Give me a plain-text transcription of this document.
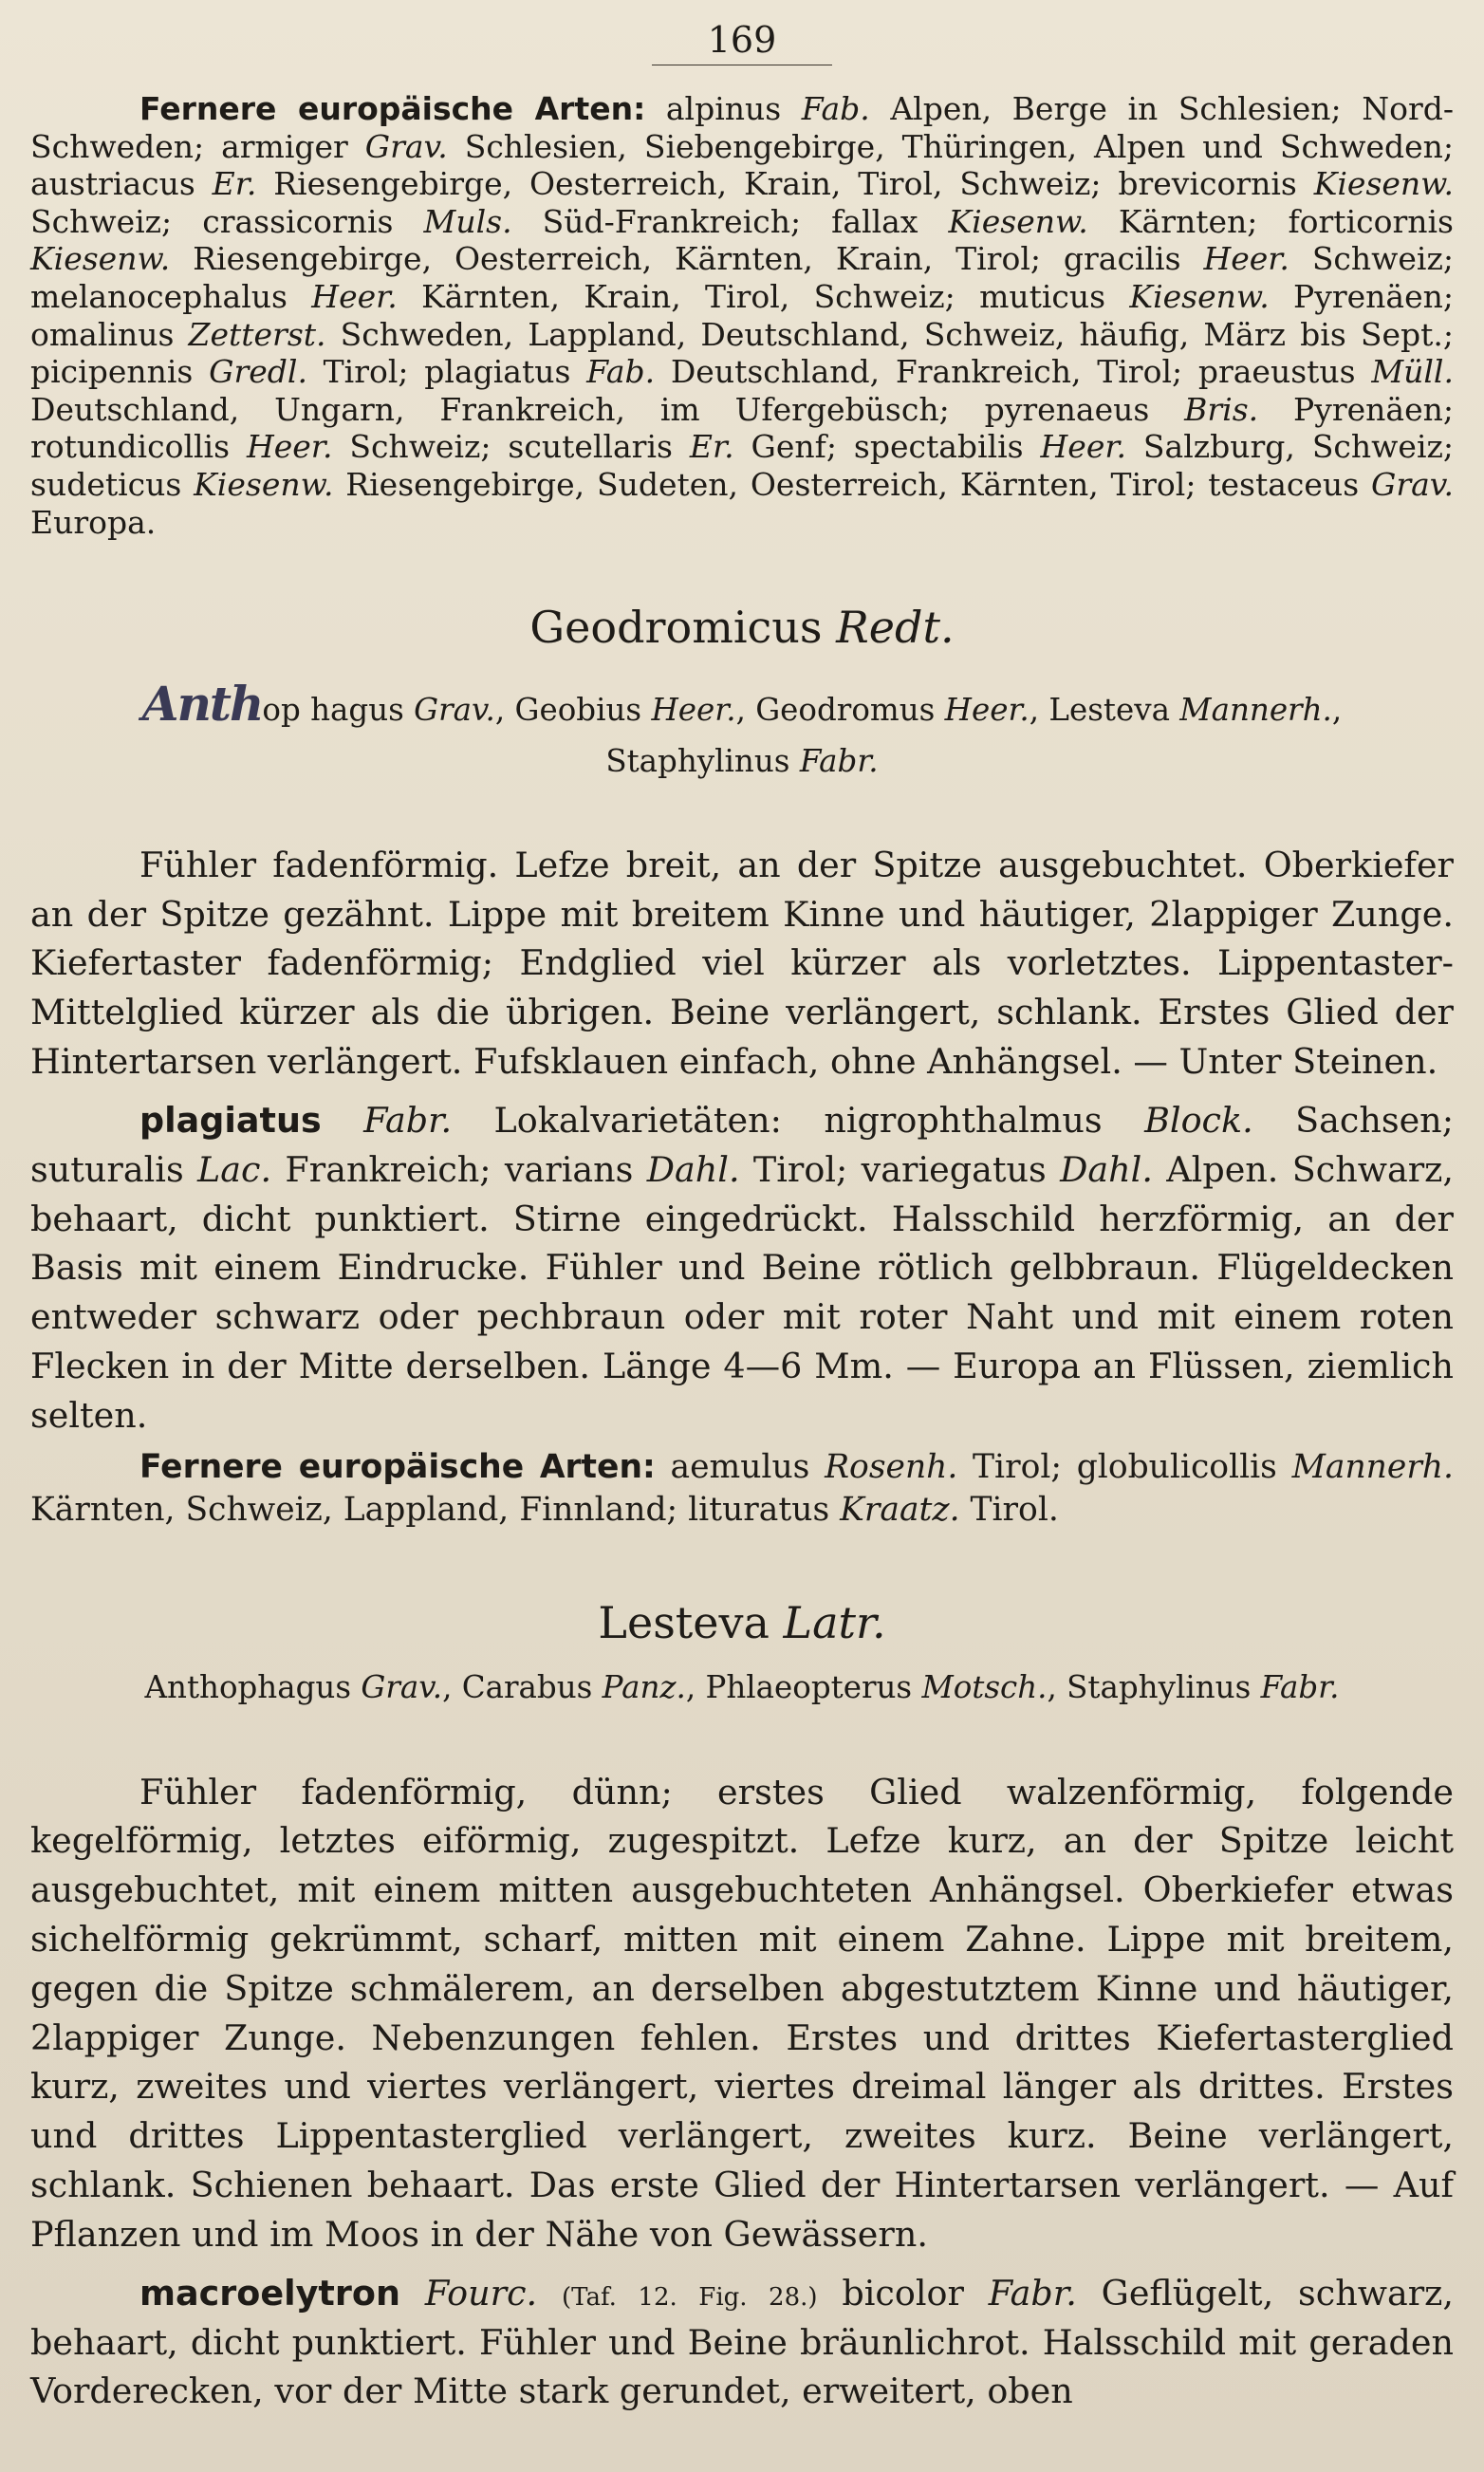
169

Fernere europäische Arten: alpinus Fab. Alpen, Berge in Schlesien; Nord-Schweden; armiger Grav. Schlesien, Siebengebirge, Thüringen, Alpen und Schweden; austriacus Er. Riesengebirge, Oesterreich, Krain, Tirol, Schweiz; brevicornis Kiesenw. Schweiz; crassicornis Muls. Süd-Frankreich; fallax Kiesenw. Kärnten; forticornis Kiesenw. Riesengebirge, Oesterreich, Kärnten, Krain, Tirol; gracilis Heer. Schweiz; melanocephalus Heer. Kärnten, Krain, Tirol, Schweiz; muticus Kiesenw. Pyrenäen; omalinus Zetterst. Schweden, Lappland, Deutschland, Schweiz, häufig, März bis Sept.; picipennis Gredl. Tirol; plagiatus Fab. Deutschland, Frankreich, Tirol; praeustus Müll. Deutschland, Ungarn, Frankreich, im Ufergebüsch; pyrenaeus Bris. Pyrenäen; rotundicollis Heer. Schweiz; scutellaris Er. Genf; spectabilis Heer. Salzburg, Schweiz; sudeticus Kiesenw. Riesengebirge, Sudeten, Oesterreich, Kärnten, Tirol; testaceus Grav. Europa.

Geodromicus Redt.
Anthop hagus Grav., Geobius Heer., Geodromus Heer., Lesteva Mannerh.,
Staphylinus Fabr.

Fühler fadenförmig. Lefze breit, an der Spitze ausgebuchtet. Oberkiefer an der Spitze gezähnt. Lippe mit breitem Kinne und häutiger, 2lappiger Zunge. Kiefertaster fadenförmig; Endglied viel kürzer als vorletztes. Lippentaster-Mittelglied kürzer als die übrigen. Beine verlängert, schlank. Erstes Glied der Hintertarsen verlängert. Fufsklauen einfach, ohne Anhängsel. — Unter Steinen.

plagiatus Fabr. Lokalvarietäten: nigrophthalmus Block. Sachsen; suturalis Lac. Frankreich; varians Dahl. Tirol; variegatus Dahl. Alpen. Schwarz, behaart, dicht punktiert. Stirne eingedrückt. Halsschild herzförmig, an der Basis mit einem Eindrucke. Fühler und Beine rötlich gelbbraun. Flügeldecken entweder schwarz oder pechbraun oder mit roter Naht und mit einem roten Flecken in der Mitte derselben. Länge 4—6 Mm. — Europa an Flüssen, ziemlich selten.

Fernere europäische Arten: aemulus Rosenh. Tirol; globulicollis Mannerh. Kärnten, Schweiz, Lappland, Finnland; lituratus Kraatz. Tirol.

Lesteva Latr.
Anthophagus Grav., Carabus Panz., Phlaeopterus Motsch., Staphylinus Fabr.

Fühler fadenförmig, dünn; erstes Glied walzenförmig, folgende kegelförmig, letztes eiförmig, zugespitzt. Lefze kurz, an der Spitze leicht ausgebuchtet, mit einem mitten ausgebuchteten Anhängsel. Oberkiefer etwas sichelförmig gekrümmt, scharf, mitten mit einem Zahne. Lippe mit breitem, gegen die Spitze schmälerem, an derselben abgestutztem Kinne und häutiger, 2lappiger Zunge. Nebenzungen fehlen. Erstes und drittes Kiefertasterglied kurz, zweites und viertes verlängert, viertes dreimal länger als drittes. Erstes und drittes Lippentasterglied verlängert, zweites kurz. Beine verlängert, schlank. Schienen behaart. Das erste Glied der Hintertarsen verlängert. — Auf Pflanzen und im Moos in der Nähe von Gewässern.

macroelytron Fourc. (Taf. 12. Fig. 28.) bicolor Fabr. Geflügelt, schwarz, behaart, dicht punktiert. Fühler und Beine bräunlichrot. Halsschild mit geraden Vorderecken, vor der Mitte stark gerundet, erweitert, oben
